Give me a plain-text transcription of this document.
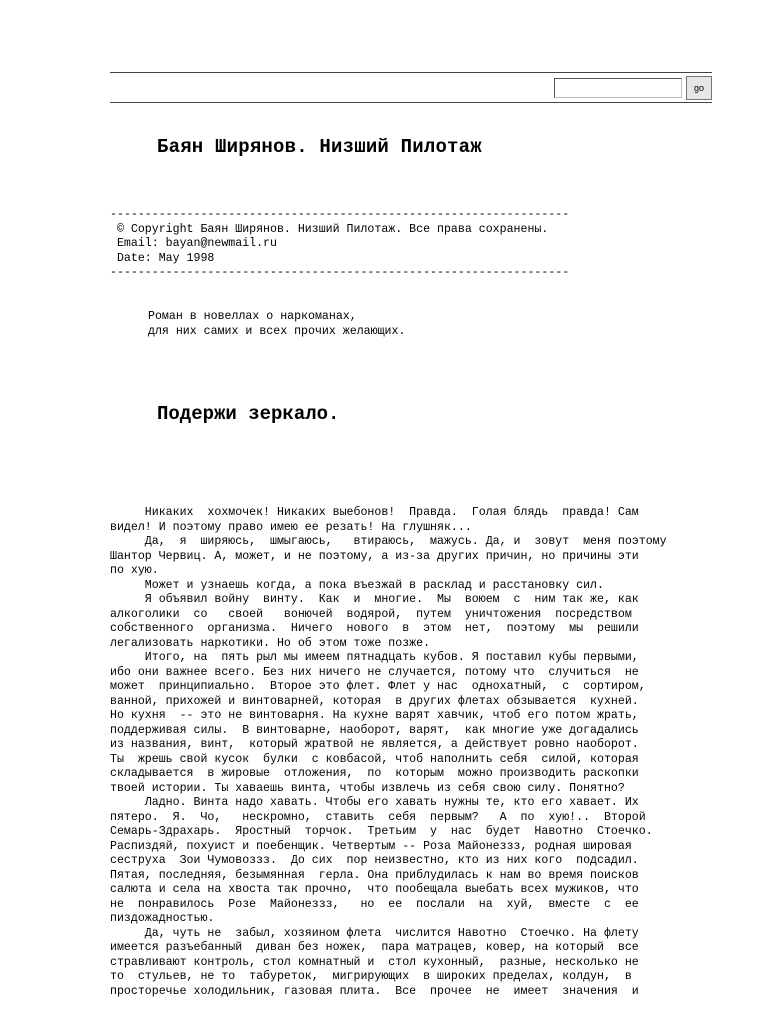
go
Баян Ширянов. Низший Пилотаж
------------------------------------------------------------------
© Copyright Баян Ширянов. Низший Пилотаж. Все права сохранены.
Email: bayan@newmail.ru
Date: May 1998
------------------------------------------------------------------
Роман в новеллах о наркоманах,
для них самих и всех прочих желающих.
Подержи зеркало.
Никаких  хохмочек! Никаких выебонов!  Правда.  Голая блядь  правда! Сам
видел! И поэтому право имею ее резать! На глушняк...
Да,  я  ширяюсь,  шмыгаюсь,   втираюсь,  мажусь. Да, и  зовут  меня поэтому
Шантор Червиц. А, может, и не поэтому, а из-за других причин, но причины эти
по хую.
Может и узнаешь когда, а пока въезжай в расклад и расстановку сил.
Я объявил войну  винту.  Как  и  многие.  Мы  воюем  с  ним так же, как
алкоголики  со   своей   вонючей  водярой,  путем  уничтожения  посредством
собственного  организма.  Ничего  нового  в  этом  нет,  поэтому  мы  решили
легализовать наркотики. Но об этом тоже позже.
Итого, на  пять рыл мы имеем пятнадцать кубов. Я поставил кубы первыми,
ибо они важнее всего. Без них ничего не случается, потому что  случиться  не
может  принципиально.  Второе это флет. Флет у нас  однохатный,  с  сортиром,
ванной, прихожей и винтоварней, которая  в других флетах обзывается  кухней.
Но кухня  -- это не винтоварня. На кухне варят хавчик, чтоб его потом жрать,
поддерживая силы.  В винтоварне, наоборот, варят,  как многие уже догадались
из названия, винт,  который жратвой не является, а действует ровно наоборот.
Ты  жрешь свой кусок  булки  с ковбасой, чтоб наполнить себя  силой, которая
складывается  в жировые  отложения,  по  которым  можно производить раскопки
твоей истории. Ты хаваешь винта, чтобы извлечь из себя свою силу. Понятно?
Ладно. Винта надо хавать. Чтобы его хавать нужны те, кто его хавает. Их
пятеро.  Я.  Чо,   нескромно,  ставить  себя  первым?   А  по  хую!..  Второй
Семарь-Здрахарь.  Яростный  торчок.  Третьим  у  нас  будет  Навотно  Стоечко.
Распиздяй, похуист и поебенщик. Четвертым -- Роза Майонеззз, родная шировая
сеструха  Зои Чумовоззз.  До сих  пор неизвестно, кто из них кого  подсадил.
Пятая, последняя, безымянная  герла. Она приблудилась к нам во время поисков
салюта и села на хвоста так прочно,  что пообещала выебать всех мужиков, что
не  понравилось  Розе  Майонеззз,   но  ее  послали  на  хуй,  вместе  с  ее
пиздожадностью.
Да, чуть не  забыл, хозяином флета  числится Навотно  Стоечко. На флету
имеется разъебанный  диван без ножек,  пара матрацев, ковер, на который  все
стравливают контроль, стол комнатный и  стол кухонный,  разные, несколько не
то  стульев, не то  табуреток,  мигрирующих  в широких пределах, колдун,  в
просторечье холодильник, газовая плита.  Все  прочее  не  имеет  значения  и
